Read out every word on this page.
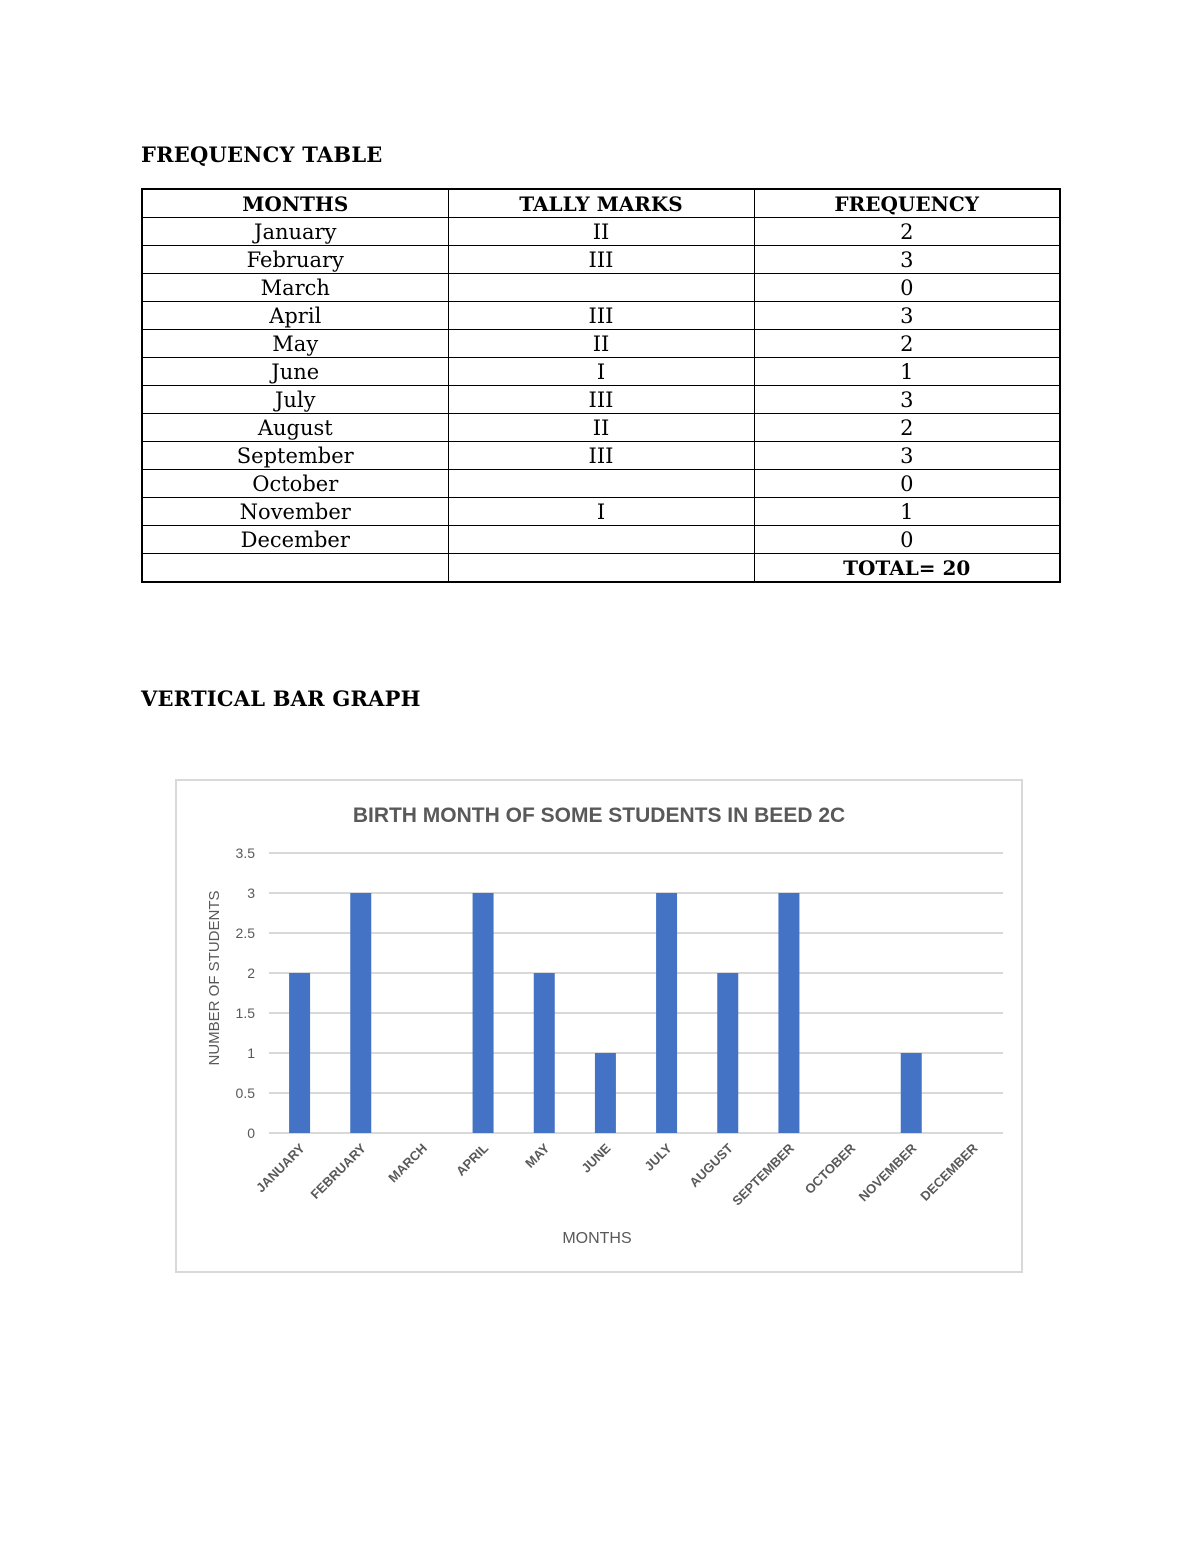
FREQUENCY TABLE
MONTHS	TALLY MARKS	FREQUENCY
January	II	2
February	III	3
March		0
April	III	3
May	II	2
June	I	1
July	III	3
August	II	2
September	III	3
October		0
November	I	1
December		0
		TOTAL= 20
VERTICAL BAR GRAPH
BIRTH MONTH OF SOME STUDENTS IN BEED 2C
0
0.5
1
1.5
2
2.5
3
3.5
JANUARY FEBRUARY MARCH APRIL MAY JUNE JULY AUGUST
SEPTEMBER OCTOBER
NOVEMBER
DECEMBER
NUMBER OF STUDENTS
MONTHS
